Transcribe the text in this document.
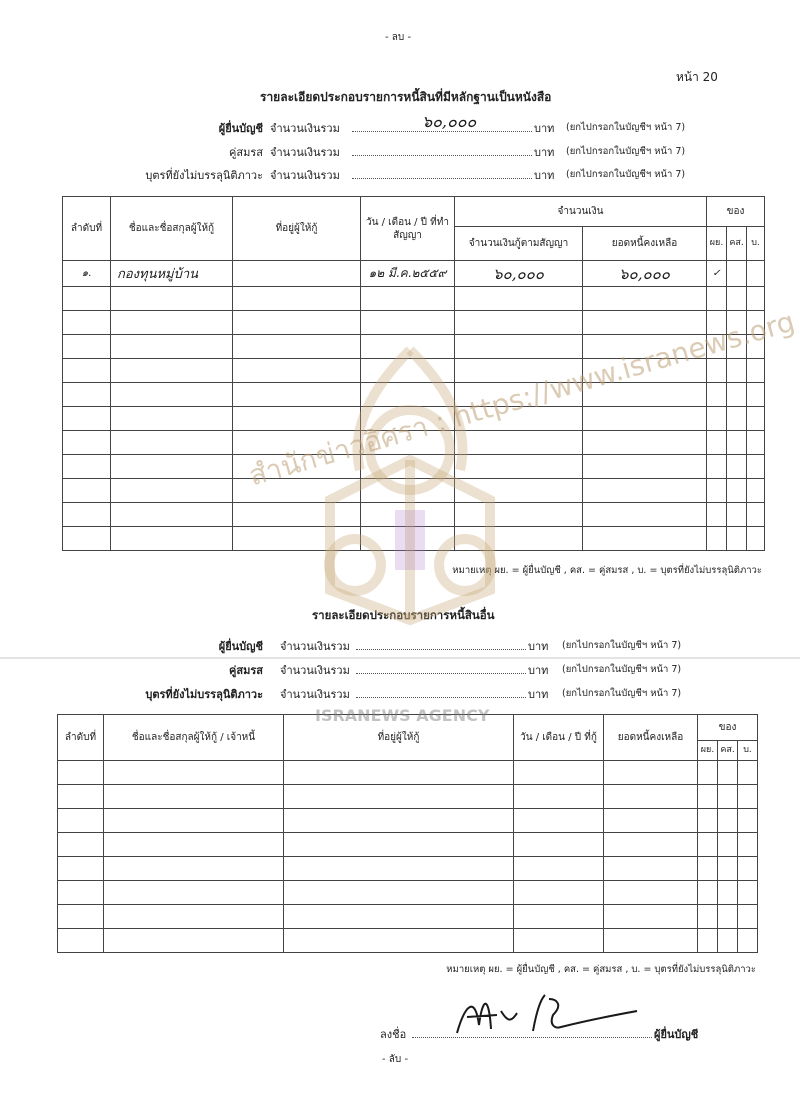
- ลบ -
หน้า 20
รายละเอียดประกอบรายการหนี้สินที่มีหลักฐานเป็นหนังสือ
ผู้ยื่นบัญชี จำนวนเงินรวม	๖๐,๐๐๐	บาท (ยกไปกรอกในบัญชีฯ หน้า 7)
คู่สมรส จำนวนเงินรวม	บาท (ยกไปกรอกในบัญชีฯ หน้า 7)
บุตรที่ยังไม่บรรลุนิติภาวะ จำนวนเงินรวม	บาท (ยกไปกรอกในบัญชีฯ หน้า 7)
ลำดับที่	ชื่อและชื่อสกุลผู้ให้กู้	ที่อยู่ผู้ให้กู้	วัน / เดือน / ปี ที่ทำสัญญา	จำนวนเงิน		ของ		
				จำนวนเงินกู้ตามสัญญา	ยอดหนี้คงเหลือ	ผย.	คส.	บ.
๑.	กองทุนหมู่บ้าน		๑๒ มี.ค.๒๕๕๙	๖๐,๐๐๐	๖๐,๐๐๐	✓		

หมายเหตุ ผย. = ผู้ยื่นบัญชี , คส. = คู่สมรส , บ. = บุตรที่ยังไม่บรรลุนิติภาวะ
รายละเอียดประกอบรายการหนี้สินอื่น
ผู้ยื่นบัญชี จำนวนเงินรวม	บาท (ยกไปกรอกในบัญชีฯ หน้า 7)
คู่สมรส จำนวนเงินรวม	บาท (ยกไปกรอกในบัญชีฯ หน้า 7)
บุตรที่ยังไม่บรรลุนิติภาวะ จำนวนเงินรวม	บาท (ยกไปกรอกในบัญชีฯ หน้า 7)
ลำดับที่	ชื่อและชื่อสกุลผู้ให้กู้ / เจ้าหนี้	ที่อยู่ผู้ให้กู้	วัน / เดือน / ปี ที่กู้	ยอดหนี้คงเหลือ	ของ		
					ผย.	คส.	บ.

หมายเหตุ ผย. = ผู้ยื่นบัญชี , คส. = คู่สมรส , บ. = บุตรที่ยังไม่บรรลุนิติภาวะ
ลงชื่อ	ผู้ยื่นบัญชี
- ลับ -
สำนักข่าวอิศรา : https://www.isranews.org
ISRANEWS AGENCY
